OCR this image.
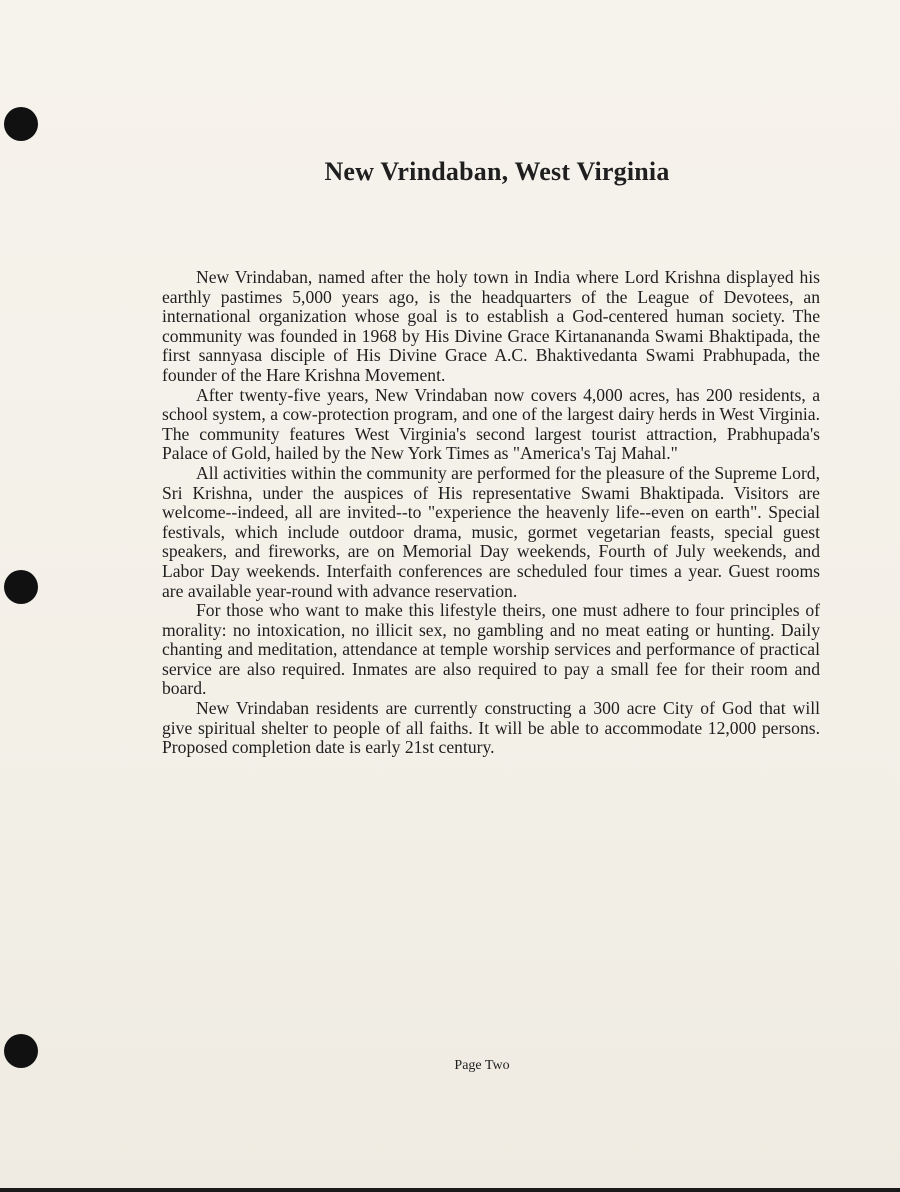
New Vrindaban, West Virginia

New Vrindaban, named after the holy town in India where Lord Krishna displayed his earthly pastimes 5,000 years ago, is the headquarters of the League of Devotees, an international organization whose goal is to establish a God-centered human society. The community was founded in 1968 by His Divine Grace Kirtanananda Swami Bhaktipada, the first sannyasa disciple of His Divine Grace A.C. Bhaktivedanta Swami Prabhupada, the founder of the Hare Krishna Movement.

After twenty-five years, New Vrindaban now covers 4,000 acres, has 200 residents, a school system, a cow-protection program, and one of the largest dairy herds in West Virginia. The community features West Virginia's second largest tourist attraction, Prabhupada's Palace of Gold, hailed by the New York Times as "America's Taj Mahal."

All activities within the community are performed for the pleasure of the Supreme Lord, Sri Krishna, under the auspices of His representative Swami Bhaktipada. Visitors are welcome--indeed, all are invited--to "experience the heavenly life--even on earth". Special festivals, which include outdoor drama, music, gormet vegetarian feasts, special guest speakers, and fireworks, are on Memorial Day weekends, Fourth of July weekends, and Labor Day weekends. Interfaith conferences are scheduled four times a year. Guest rooms are available year-round with advance reservation.

For those who want to make this lifestyle theirs, one must adhere to four principles of morality: no intoxication, no illicit sex, no gambling and no meat eating or hunting. Daily chanting and meditation, attendance at temple worship services and performance of practical service are also required. Inmates are also required to pay a small fee for their room and board.

New Vrindaban residents are currently constructing a 300 acre City of God that will give spiritual shelter to people of all faiths. It will be able to accommodate 12,000 persons. Proposed completion date is early 21st century.

Page Two
